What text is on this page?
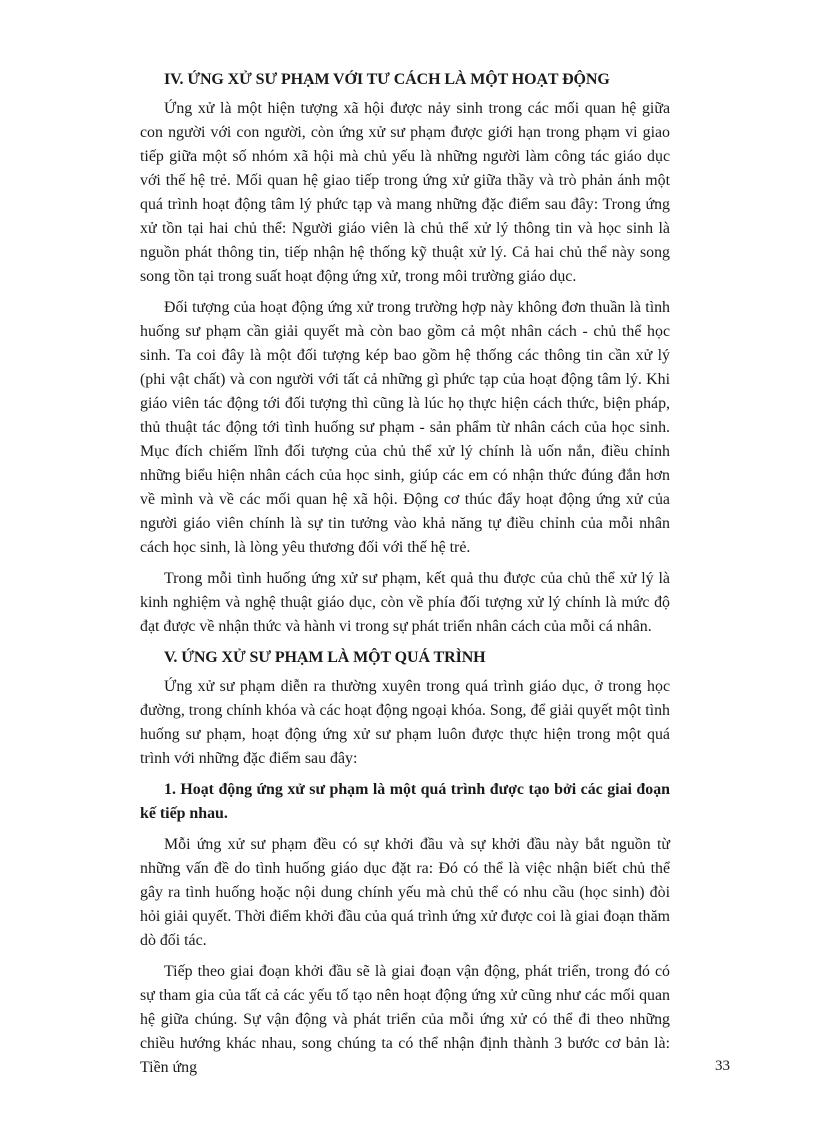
IV. ỨNG XỬ SƯ PHẠM VỚI TƯ CÁCH LÀ MỘT HOẠT ĐỘNG

Ứng xử là một hiện tượng xã hội được nảy sinh trong các mối quan hệ giữa con người với con người, còn ứng xử sư phạm được giới hạn trong phạm vi giao tiếp giữa một số nhóm xã hội mà chủ yếu là những người làm công tác giáo dục với thế hệ trẻ. Mối quan hệ giao tiếp trong ứng xử giữa thầy và trò phản ánh một quá trình hoạt động tâm lý phức tạp và mang những đặc điểm sau đây: Trong ứng xử tồn tại hai chủ thể: Người giáo viên là chủ thể xử lý thông tin và học sinh là nguồn phát thông tin, tiếp nhận hệ thống kỹ thuật xử lý. Cả hai chủ thể này song song tồn tại trong suất hoạt động ứng xử, trong môi trường giáo dục.

Đối tượng của hoạt động ứng xử trong trường hợp này không đơn thuần là tình huống sư phạm cần giải quyết mà còn bao gồm cả một nhân cách - chủ thể học sinh. Ta coi đây là một đối tượng kép bao gồm hệ thống các thông tin cần xử lý (phi vật chất) và con người với tất cả những gì phức tạp của hoạt động tâm lý. Khi giáo viên tác động tới đối tượng thì cũng là lúc họ thực hiện cách thức, biện pháp, thủ thuật tác động tới tình huống sư phạm - sản phẩm từ nhân cách của học sinh. Mục đích chiếm lĩnh đối tượng của chủ thể xử lý chính là uốn nắn, điều chỉnh những biểu hiện nhân cách của học sinh, giúp các em có nhận thức đúng đắn hơn về mình và về các mối quan hệ xã hội. Động cơ thúc đẩy hoạt động ứng xử của người giáo viên chính là sự tin tưởng vào khả năng tự điều chỉnh của mỗi nhân cách học sinh, là lòng yêu thương đối với thế hệ trẻ.

Trong mỗi tình huống ứng xử sư phạm, kết quả thu được của chủ thể xử lý là kinh nghiệm và nghệ thuật giáo dục, còn về phía đối tượng xử lý chính là mức độ đạt được về nhận thức và hành vi trong sự phát triển nhân cách của mỗi cá nhân.

V. ỨNG XỬ SƯ PHẠM LÀ MỘT QUÁ TRÌNH

Ứng xử sư phạm diễn ra thường xuyên trong quá trình giáo dục, ở trong học đường, trong chính khóa và các hoạt động ngoại khóa. Song, để giải quyết một tình huống sư phạm, hoạt động ứng xử sư phạm luôn được thực hiện trong một quá trình với những đặc điểm sau đây:

1. Hoạt động ứng xử sư phạm là một quá trình được tạo bởi các giai đoạn kế tiếp nhau.

Mỗi ứng xử sư phạm đều có sự khởi đầu và sự khởi đầu này bắt nguồn từ những vấn đề do tình huống giáo dục đặt ra: Đó có thể là việc nhận biết chủ thể gây ra tình huống hoặc nội dung chính yếu mà chủ thể có nhu cầu (học sinh) đòi hỏi giải quyết. Thời điểm khởi đầu của quá trình ứng xử được coi là giai đoạn thăm dò đối tác.

Tiếp theo giai đoạn khởi đầu sẽ là giai đoạn vận động, phát triển, trong đó có sự tham gia của tất cả các yếu tố tạo nên hoạt động ứng xử cũng như các mối quan hệ giữa chúng. Sự vận động và phát triển của mỗi ứng xử có thể đi theo những chiều hướng khác nhau, song chúng ta có thể nhận định thành 3 bước cơ bản là: Tiền ứng	33
